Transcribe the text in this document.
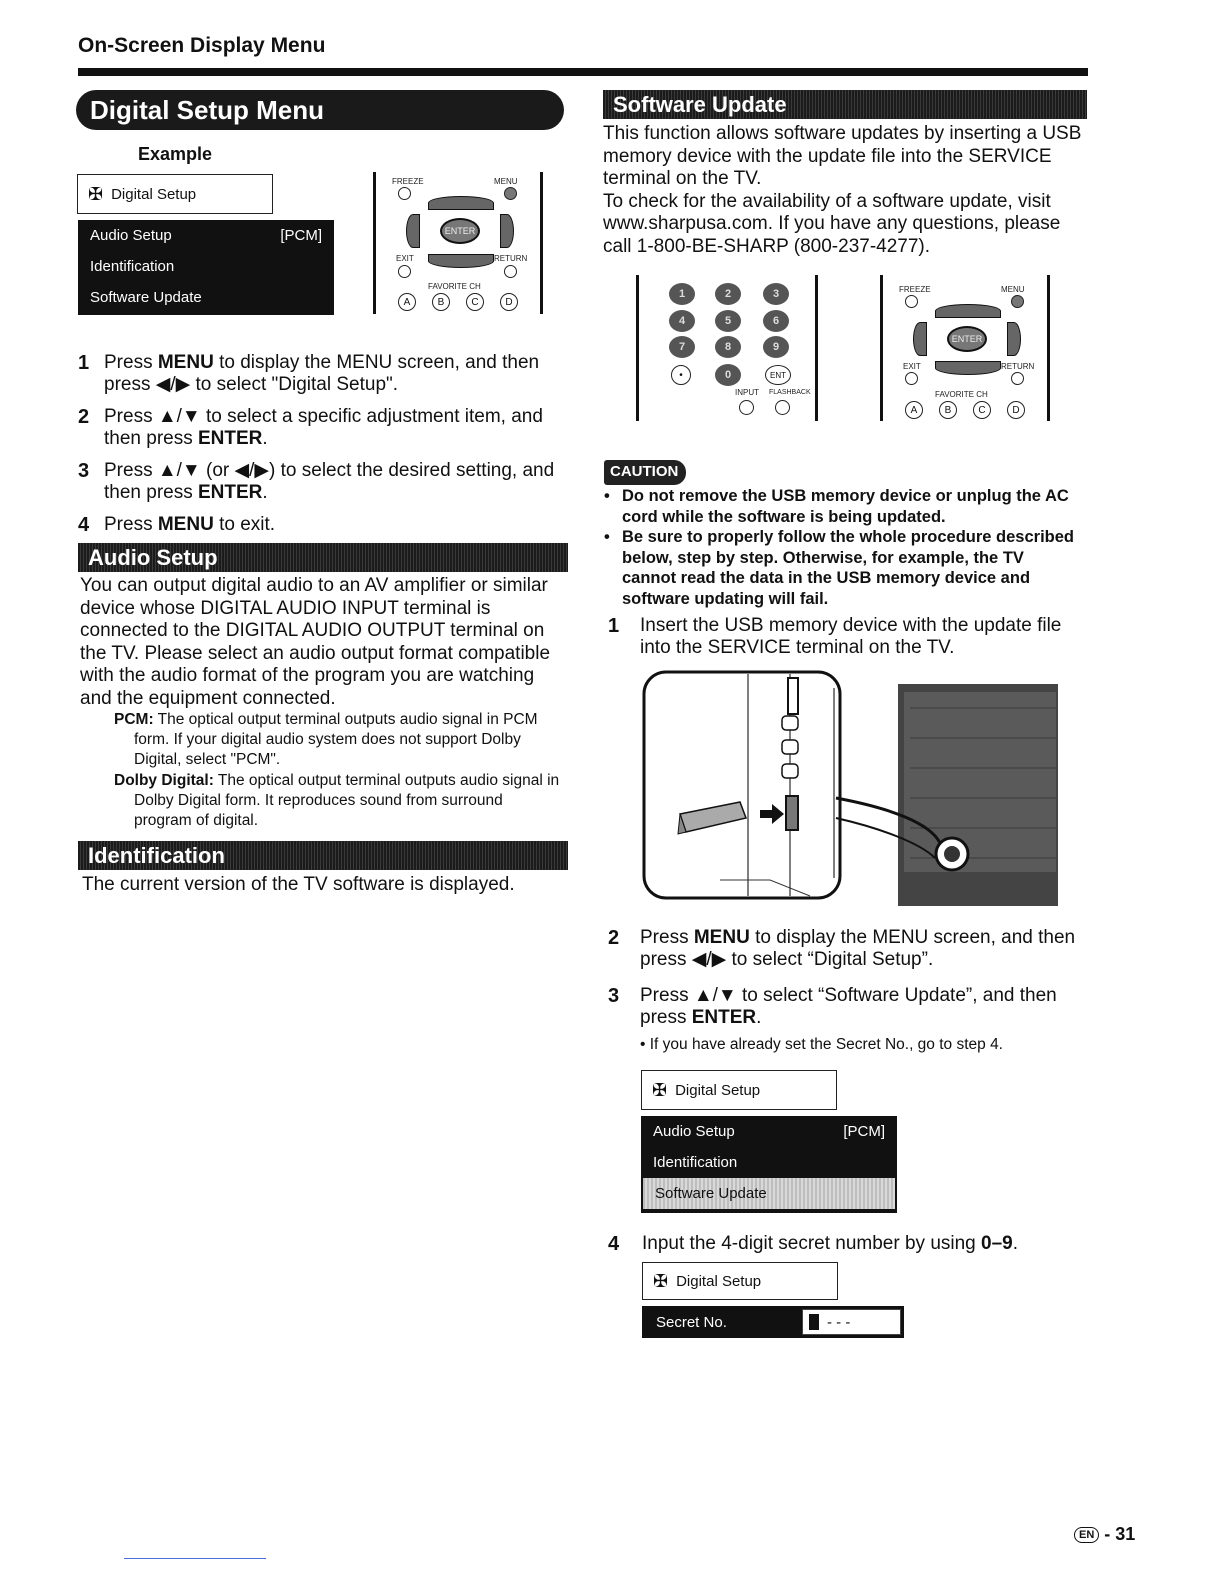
On-Screen Display Menu
Digital Setup Menu
Example
✠ Digital Setup
Audio Setup	[PCM]
Identification
Software Update
FREEZE	MENU
ENTER
EXIT	RETURN
FAVORITE CH
A	B	C	D
1 Press MENU to display the MENU screen, and then press ◀/▶ to select "Digital Setup".
2 Press ▲/▼ to select a specific adjustment item, and then press ENTER.
3 Press ▲/▼ (or ◀/▶) to select the desired setting, and then press ENTER.
4 Press MENU to exit.
Audio Setup
You can output digital audio to an AV amplifier or similar device whose DIGITAL AUDIO INPUT terminal is connected to the DIGITAL AUDIO OUTPUT terminal on the TV. Please select an audio output format compatible with the audio format of the program you are watching and the equipment connected.
PCM: The optical output terminal outputs audio signal in PCM form. If your digital audio system does not support Dolby Digital, select "PCM".
Dolby Digital: The optical output terminal outputs audio signal in Dolby Digital form. It reproduces sound from surround program of digital.
Identification
The current version of the TV software is displayed.
Software Update
This function allows software updates by inserting a USB memory device with the update file into the SERVICE terminal on the TV.
To check for the availability of a software update, visit www.sharpusa.com. If you have any questions, please call 1-800-BE-SHARP (800-237-4277).
1	2	3
4	5	6
7	8	9
•	0	ENT
INPUT FLASHBACK
FREEZE	MENU
ENTER
EXIT	RETURN
FAVORITE CH
A	B	C	D
CAUTION
• Do not remove the USB memory device or unplug the AC cord while the software is being updated.
• Be sure to properly follow the whole procedure described below, step by step. Otherwise, for example, the TV cannot read the data in the USB memory device and software updating will fail.
1	Insert the USB memory device with the update file into the SERVICE terminal on the TV.
2	Press MENU to display the MENU screen, and then press ◀/▶ to select “Digital Setup”.
3	Press ▲/▼ to select “Software Update”, and then press ENTER.
• If you have already set the Secret No., go to step 4.
✠ Digital Setup
Audio Setup	[PCM]
Identification
Software Update
4	Input the 4-digit secret number by using 0–9.
✠ Digital Setup
Secret No.	- - -
EN - 31
